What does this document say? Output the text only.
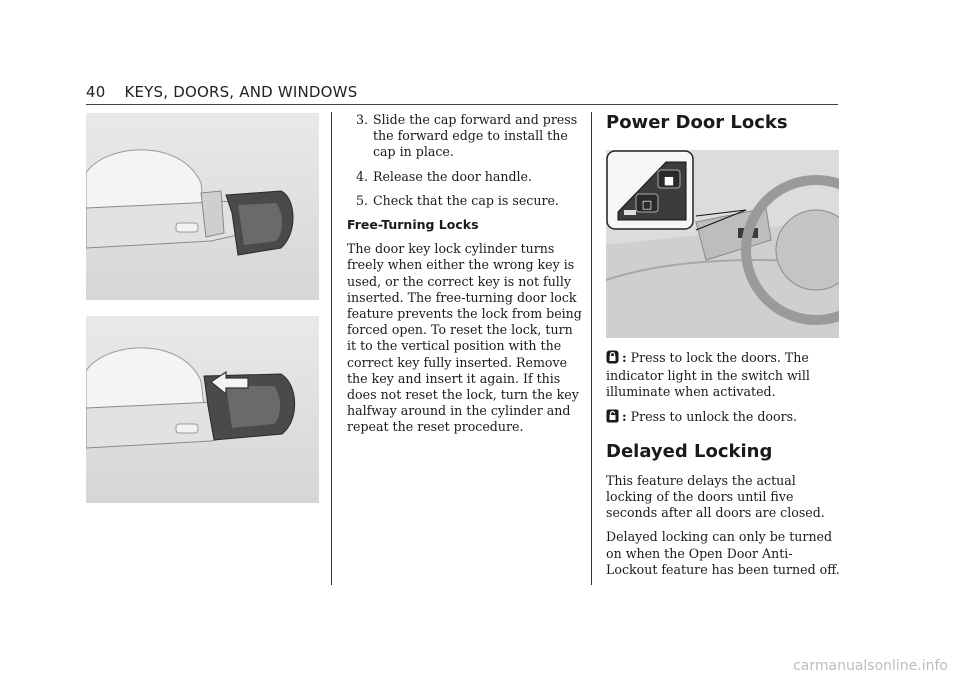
40 KEYS, DOORS, AND WINDOWS
3. Slide the cap forward and press the forward edge to install the cap in place.
4. Release the door handle.
5. Check that the cap is secure.
Free-Turning Locks

The door key lock cylinder turns freely when either the wrong key is used, or the correct key is not fully inserted. The free-turning door lock feature prevents the lock from being forced open. To reset the lock, turn it to the vertical position with the correct key fully inserted. Remove the key and insert it again. If this does not reset the lock, turn the key halfway around in the cylinder and repeat the reset procedure.

Power Door Locks
■
□

: Press to lock the doors. The indicator light in the switch will illuminate when activated.

: Press to unlock the doors.

Delayed Locking

This feature delays the actual locking of the doors until five seconds after all doors are closed.

Delayed locking can only be turned on when the Open Door Anti-Lockout feature has been turned off.

carmanualsonline.info
